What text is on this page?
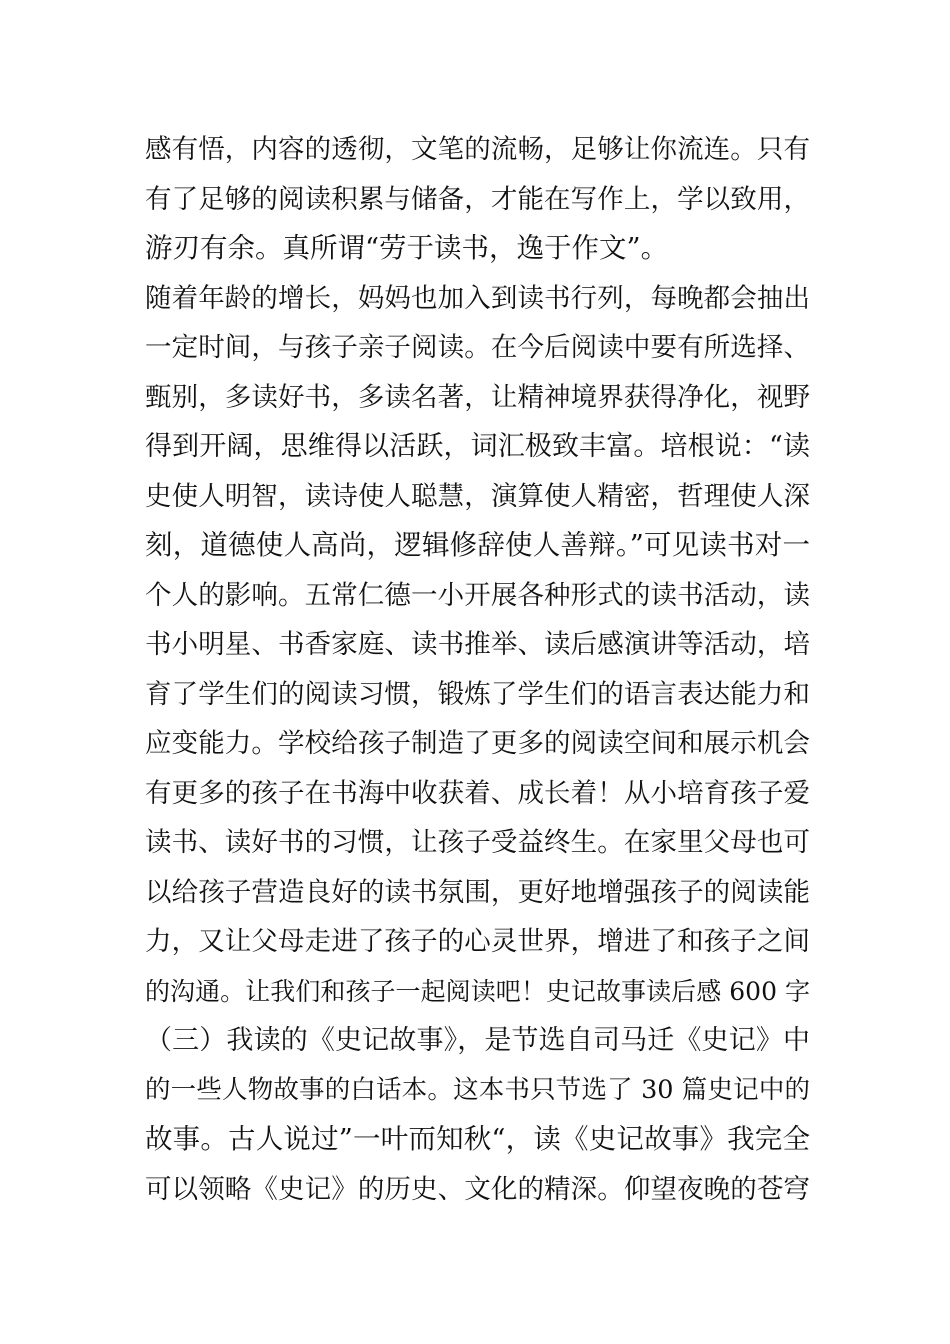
感有悟，内容的透彻，文笔的流畅，足够让你流连。只有
有了足够的阅读积累与储备，才能在写作上，学以致用，
游刃有余。真所谓“劳于读书，逸于作文”。
随着年龄的增长，妈妈也加入到读书行列，每晚都会抽出
一定时间，与孩子亲子阅读。在今后阅读中要有所选择、
甄别，多读好书，多读名著，让精神境界获得净化，视野
得到开阔，思维得以活跃，词汇极致丰富。培根说：“读
史使人明智，读诗使人聪慧，演算使人精密，哲理使人深
刻，道德使人高尚，逻辑修辞使人善辩。”可见读书对一
个人的影响。五常仁德一小开展各种形式的读书活动，读
书小明星、书香家庭、读书推举、读后感演讲等活动，培
育了学生们的阅读习惯，锻炼了学生们的语言表达能力和
应变能力。学校给孩子制造了更多的阅读空间和展示机会
有更多的孩子在书海中收获着、成长着！从小培育孩子爱
读书、读好书的习惯，让孩子受益终生。在家里父母也可
以给孩子营造良好的读书氛围，更好地增强孩子的阅读能
力，又让父母走进了孩子的心灵世界，增进了和孩子之间
的沟通。让我们和孩子一起阅读吧！史记故事读后感 600 字
（三）我读的《史记故事》，是节选自司马迁《史记》中
的一些人物故事的白话本。这本书只节选了 30 篇史记中的
故事。古人说过”一叶而知秋“，读《史记故事》我完全
可以领略《史记》的历史、文化的精深。仰望夜晚的苍穹
